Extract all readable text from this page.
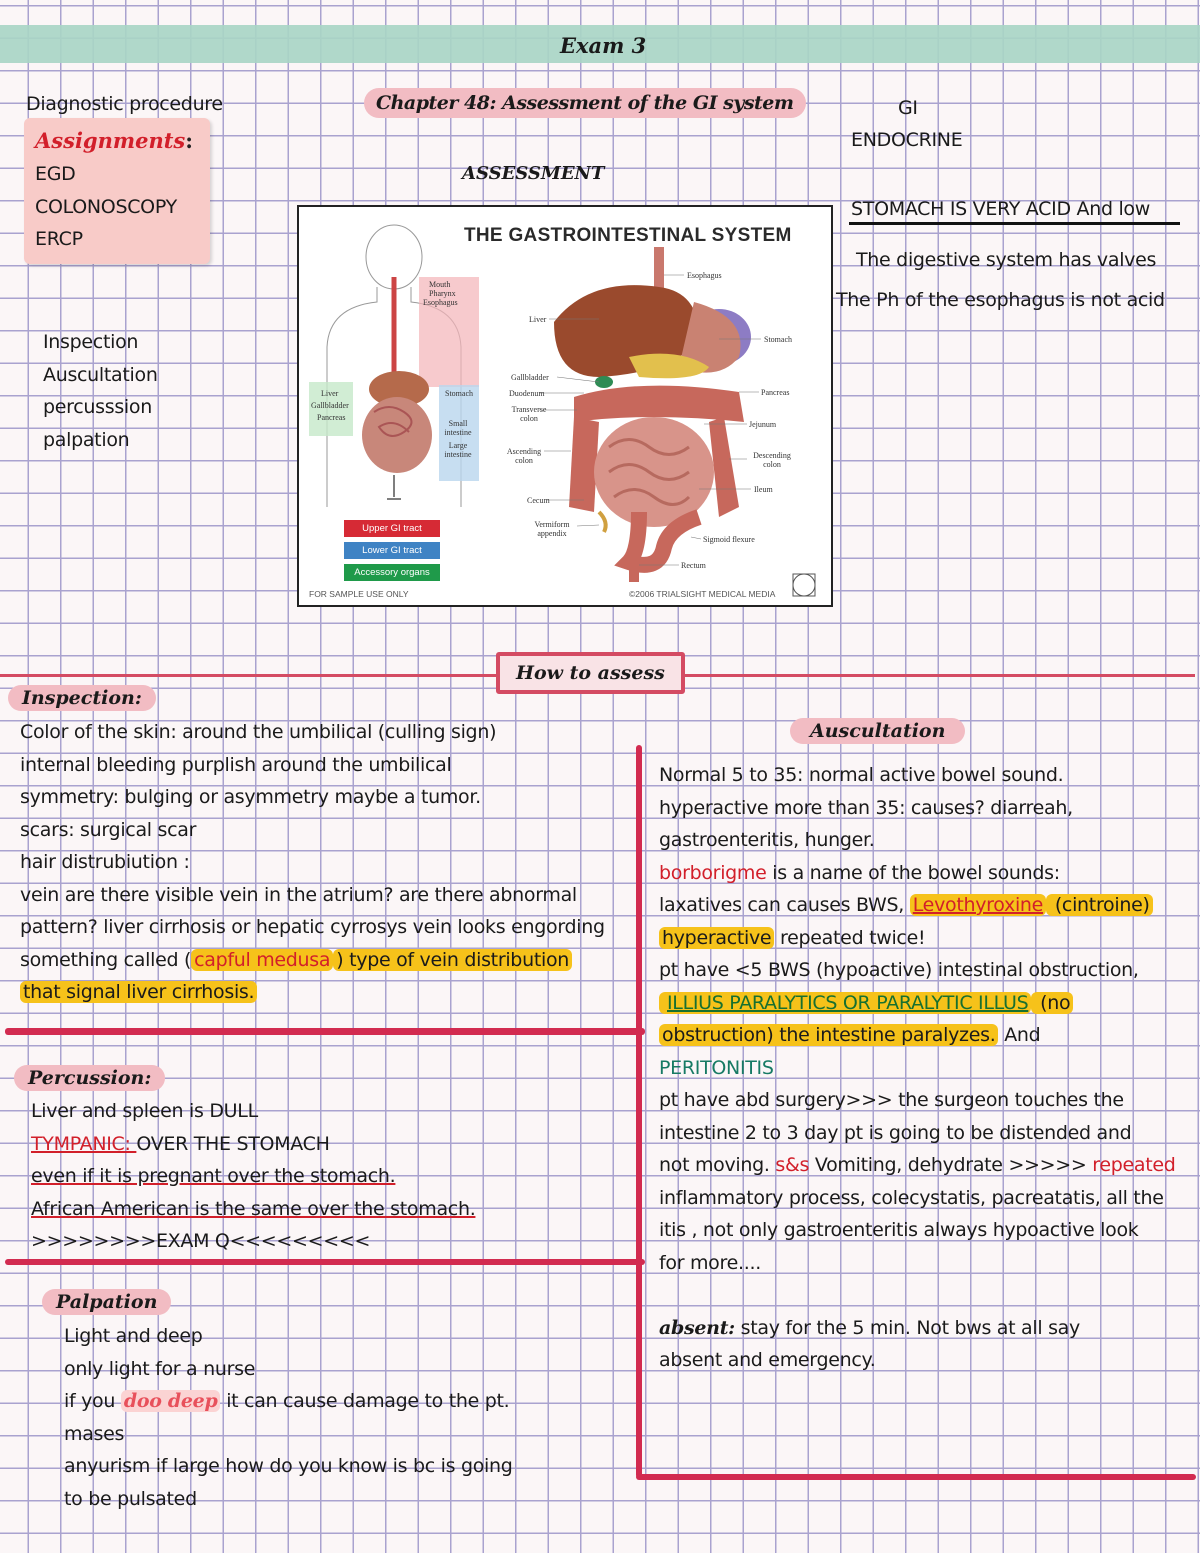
Exam 3
Diagnostic procedure
Assignments:
EGD
COLONOSCOPY
ERCP
Inspection
Auscultation
percusssion
palpation
Chapter 48: Assessment of the GI system
ASSESSMENT
GI
ENDOCRINE
STOMACH IS VERY ACID And low
The digestive system has valves
The Ph of the esophagus is not acid
THE GASTROINTESTINAL SYSTEM
Mouth
Pharynx
Esophagus
Liver
Gallbladder
Pancreas
Stomach
Small intestine
Large intestine
Esophagus
Liver
Stomach
Gallbladder
Duodenum
Transverse colon
Pancreas
Jejunum
Ascending colon
Descending colon
Ileum
Cecum
Vermiform appendix
Sigmoid flexure
Rectum
Upper GI tract
Lower GI tract
Accessory organs
FOR SAMPLE USE ONLY	©2006 TRIALSIGHT MEDICAL MEDIA
How to assess
Inspection:
Color of the skin: around the umbilical (culling sign)
internal bleeding purplish around the umbilical
symmetry: bulging or asymmetry maybe a tumor.
scars: surgical scar
hair distrubiution :
vein are there visible vein in the atrium? are there abnormal
pattern? liver cirrhosis or hepatic cyrrosys vein looks engording
something called ( capful medusa ) type of vein distribution
that signal liver cirrhosis.
Percussion:
Liver and spleen is DULL
TYMPANIC: OVER THE STOMACH
even if it is pregnant over the stomach.
African American is the same over the stomach.
>>>>>>>>EXAM Q<<<<<<<<<
Palpation
Light and deep
only light for a nurse
if you doo deep it can cause damage to the pt.
mases
anyurism if large how do you know is bc is going
to be pulsated
Auscultation
Normal 5 to 35: normal active bowel sound.
hyperactive more than 35: causes? diarreah,
gastroenteritis, hunger.
borborigme is a name of the bowel sounds:
laxatives can causes BWS, Levothyroxine (cintroine)
hyperactive repeated twice!
pt have <5 BWS (hypoactive) intestinal obstruction,
ILLIUS PARALYTICS OR PARALYTIC ILLUS (no
obstruction) the intestine paralyzes. And
PERITONITIS
pt have abd surgery>>> the surgeon touches the
intestine 2 to 3 day pt is going to be distended and
not moving. s&s Vomiting, dehydrate >>>>> repeated
inflammatory process, colecystatis, pacreatatis, all the
itis , not only gastroenteritis always hypoactive look
for more....
absent: stay for the 5 min. Not bws at all say
absent and emergency.
